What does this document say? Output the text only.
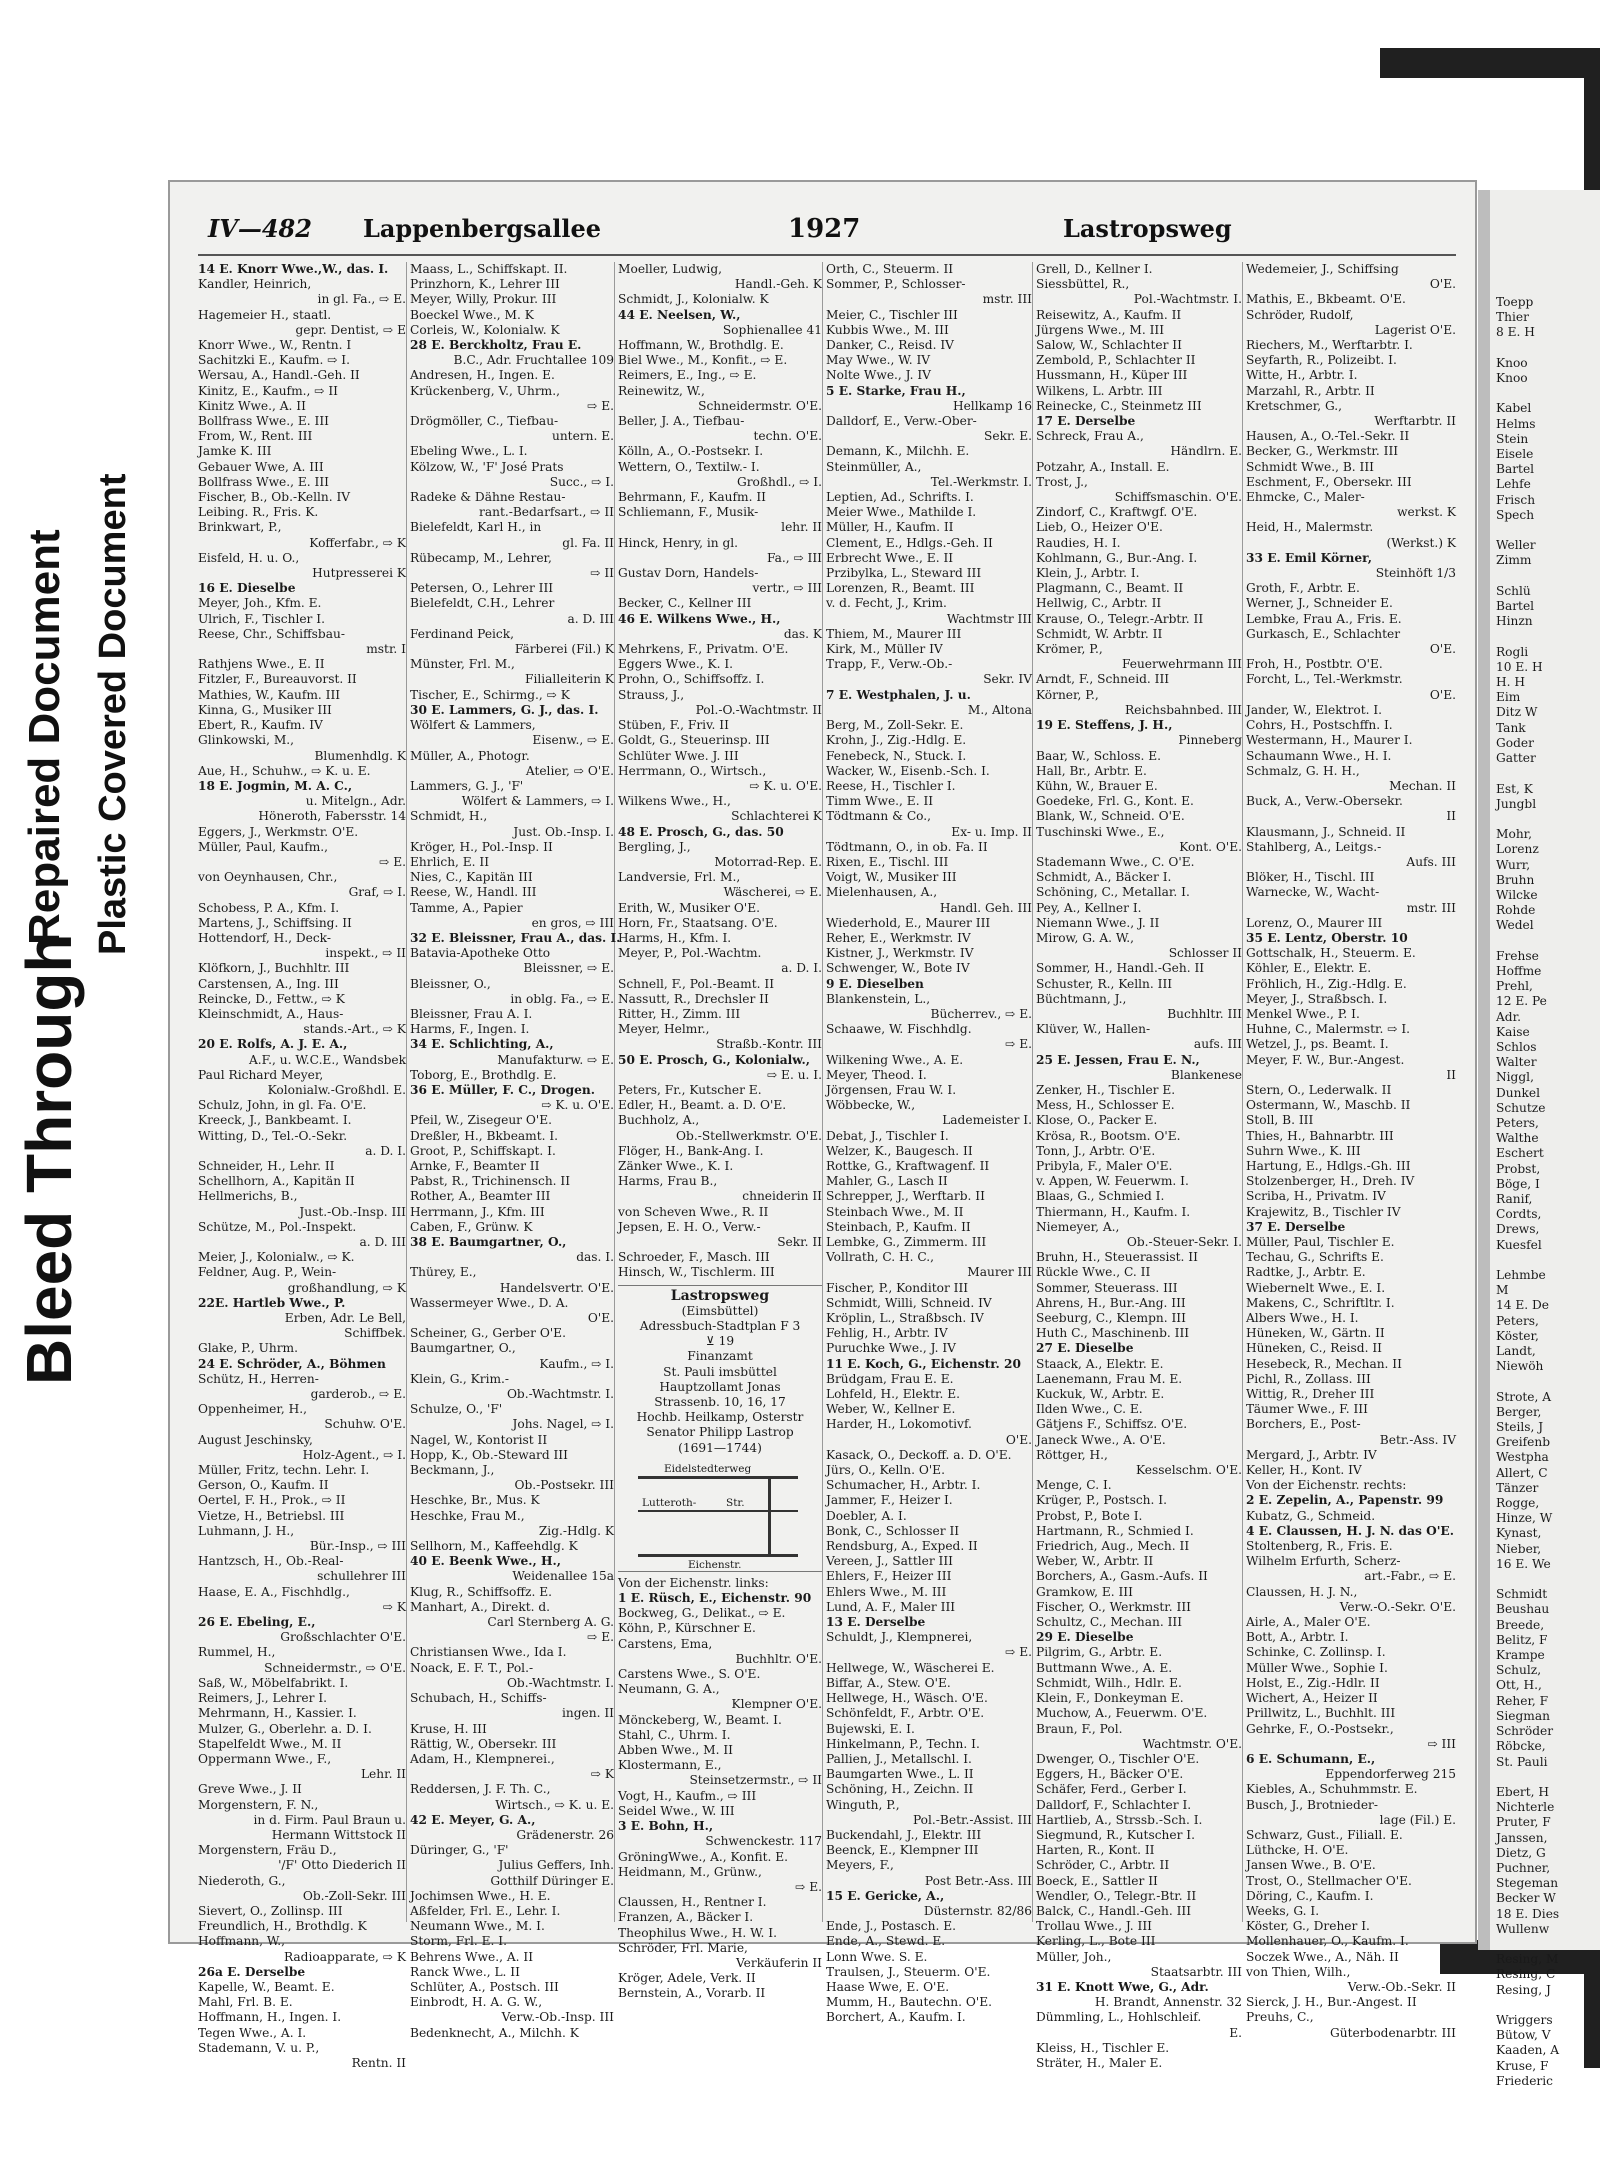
Bleed Through
Repaired Document Plastic Covered Document
IV—482 Lappenbergsallee	1927	Lastropsweg
14 E. Knorr Wwe.,W., das. I.
Kandler, Heinrich,
in gl. Fa., ⇨ E.
Hagemeier H., staatl.
gepr. Dentist, ⇨ E
Knorr Wwe., W., Rentn. I
Sachitzki E., Kaufm. ⇨ I.
Wersau, A., Handl.-Geh. II
Kinitz, E., Kaufm., ⇨ II
Kinitz Wwe., A. II
Bollfrass Wwe., E. III
From, W., Rent. III
Jamke K. III
Gebauer Wwe, A. III
Bollfrass Wwe., E. III
Fischer, B., Ob.-Kelln. IV
Leibing. R., Fris. K.
Brinkwart, P.,
Kofferfabr., ⇨ K
Eisfeld, H. u. O.,
Hutpresserei K
16 E. Dieselbe
Meyer, Joh., Kfm. E.
Ulrich, F., Tischler I.
Reese, Chr., Schiffsbau-
mstr. I
Rathjens Wwe., E. II
Fitzler, F., Bureauvorst. II
Mathies, W., Kaufm. III
Kinna, G., Musiker III
Ebert, R., Kaufm. IV
Glinkowski, M.,
Blumenhdlg. K
Aue, H., Schuhw., ⇨ K. u. E.
18 E. Jogmin, M. A. C.,
u. Mitelgn., Adr.
Höneroth, Fabersstr. 14
Eggers, J., Werkmstr. O'E.
Müller, Paul, Kaufm.,
⇨ E.
von Oeynhausen, Chr.,
Graf, ⇨ I.
Schobess, P. A., Kfm. I.
Martens, J., Schiffsing. II
Hottendorf, H., Deck-
inspekt., ⇨ II
Klöfkorn, J., Buchhltr. III
Carstensen, A., Ing. III
Reincke, D., Fettw., ⇨ K
Kleinschmidt, A., Haus-
stands.-Art., ⇨ K
20 E. Rolfs, A. J. E. A.,
A.F., u. W.C.E., Wandsbek
Paul Richard Meyer,
Kolonialw.-Großhdl. E.
Schulz, John, in gl. Fa. O'E.
Kreeck, J., Bankbeamt. I.
Witting, D., Tel.-O.-Sekr.
a. D. I.
Schneider, H., Lehr. II
Schellhorn, A., Kapitän II
Hellmerichs, B.,
Just.-Ob.-Insp. III
Schütze, M., Pol.-Inspekt.
a. D. III
Meier, J., Kolonialw., ⇨ K.
Feldner, Aug. P., Wein-
großhandlung, ⇨ K
22E. Hartleb Wwe., P.
Erben, Adr. Le Bell,
Schiffbek.
Glake, P., Uhrm.
24 E. Schröder, A., Böhmen
Schütz, H., Herren-
garderob., ⇨ E.
Oppenheimer, H.,
Schuhw. O'E.
August Jeschinsky,
Holz-Agent., ⇨ I.
Müller, Fritz, techn. Lehr. I.
Gerson, O., Kaufm. II
Oertel, F. H., Prok., ⇨ II
Vietze, H., Betriebsl. III
Luhmann, J. H.,
Bür.-Insp., ⇨ III
Hantzsch, H., Ob.-Real-
schullehrer III
Haase, E. A., Fischhdlg.,
⇨ K
26 E. Ebeling, E.,
Großschlachter O'E.
Rummel, H.,
Schneidermstr., ⇨ O'E.
Saß, W., Möbelfabrikt. I.
Reimers, J., Lehrer I.
Mehrmann, H., Kassier. I.
Mulzer, G., Oberlehr. a. D. I.
Stapelfeldt Wwe., M. II
Oppermann Wwe., F.,
Lehr. II
Greve Wwe., J. II
Morgenstern, F. N.,
in d. Firm. Paul Braun u.
Hermann Wittstock II
Morgenstern, Fräu D.,
'/F' Otto Diederich II
Niederoth, G.,
Ob.-Zoll-Sekr. III
Sievert, O., Zollinsp. III
Freundlich, H., Brothdlg. K
Hoffmann, W.,
Radioapparate, ⇨ K
26a E. Derselbe
Kapelle, W., Beamt. E.
Mahl, Frl. B. E.
Hoffmann, H., Ingen. I.
Tegen Wwe., A. I.
Stademann, V. u. P.,
Rentn. II
Maass, L., Schiffskapt. II.
Prinzhorn, K., Lehrer III
Meyer, Willy, Prokur. III
Boeckel Wwe., M. K
Corleis, W., Kolonialw. K
28 E. Berckholtz, Frau E.
B.C., Adr. Fruchtallee 109
Andresen, H., Ingen. E.
Krückenberg, V., Uhrm.,
⇨ E.
Drögmöller, C., Tiefbau-
untern. E.
Ebeling Wwe., L. I.
Kölzow, W., 'F' José Prats
Succ., ⇨ I.
Radeke & Dähne Restau-
rant.-Bedarfsart., ⇨ II
Bielefeldt, Karl H., in
gl. Fa. II
Rübecamp, M., Lehrer,
⇨ II
Petersen, O., Lehrer III
Bielefeldt, C.H., Lehrer
a. D. III
Ferdinand Peick,
Färberei (Fil.) K
Münster, Frl. M.,
Filialleiterin K
Tischer, E., Schirmg., ⇨ K
30 E. Lammers, G. J., das. I.
Wölfert & Lammers,
Eisenw., ⇨ E.
Müller, A., Photogr.
Atelier, ⇨ O'E.
Lammers, G. J., 'F'
Wölfert & Lammers, ⇨ I.
Schmidt, H.,
Just. Ob.-Insp. I.
Kröger, H., Pol.-Insp. II
Ehrlich, E. II
Nies, C., Kapitän III
Reese, W., Handl. III
Tamme, A., Papier
en gros, ⇨ III
32 E. Bleissner, Frau A., das. I.
Batavia-Apotheke Otto
Bleissner, ⇨ E.
Bleissner, O.,
in oblg. Fa., ⇨ E.
Bleissner, Frau A. I.
Harms, F., Ingen. I.
34 E. Schlichting, A.,
Manufakturw. ⇨ E.
Toborg, E., Brothdlg. E.
36 E. Müller, F. C., Drogen.
⇨ K. u. O'E.
Pfeil, W., Zisegeur O'E.
Dreßler, H., Bkbeamt. I.
Groot, P., Schiffskapt. I.
Arnke, F., Beamter II
Pabst, R., Trichinensch. II
Rother, A., Beamter III
Herrmann, J., Kfm. III
Caben, F., Grünw. K
38 E. Baumgartner, O.,
das. I.
Thürey, E.,
Handelsvertr. O'E.
Wassermeyer Wwe., D. A.
O'E.
Scheiner, G., Gerber O'E.
Baumgartner, O.,
Kaufm., ⇨ I.
Klein, G., Krim.-
Ob.-Wachtmstr. I.
Schulze, O., 'F'
Johs. Nagel, ⇨ I.
Nagel, W., Kontorist II
Hopp, K., Ob.-Steward III
Beckmann, J.,
Ob.-Postsekr. III
Heschke, Br., Mus. K
Heschke, Frau M.,
Zig.-Hdlg. K
Sellhorn, M., Kaffeehdlg. K
40 E. Beenk Wwe., H.,
Weidenallee 15a
Klug, R., Schiffsoffz. E.
Manhart, A., Direkt. d.
Carl Sternberg A. G.
⇨ E.
Christiansen Wwe., Ida I.
Noack, E. F. T., Pol.-
Ob.-Wachtmstr. I.
Schubach, H., Schiffs-
ingen. II
Kruse, H. III
Rättig, W., Obersekr. III
Adam, H., Klempnerei.,
⇨ K
Reddersen, J. F. Th. C.,
Wirtsch., ⇨ K. u. E.
42 E. Meyer, G. A.,
Grädenerstr. 26
Düringer, G., 'F'
Julius Geffers, Inh.
Gotthilf Düringer E.
Jochimsen Wwe., H. E.
Aßfelder, Frl. E., Lehr. I.
Neumann Wwe., M. I.
Storm, Frl. E. I.
Behrens Wwe., A. II
Ranck Wwe., L. II
Schlüter, A., Postsch. III
Einbrodt, H. A. G. W.,
Verw.-Ob.-Insp. III
Bedenknecht, A., Milchh. K
Moeller, Ludwig,
Handl.-Geh. K
Schmidt, J., Kolonialw. K
44 E. Neelsen, W.,
Sophienallee 41
Hoffmann, W., Brothdlg. E.
Biel Wwe., M., Konfit., ⇨ E.
Reimers, E., Ing., ⇨ E.
Reinewitz, W.,
Schneidermstr. O'E.
Beller, J. A., Tiefbau-
techn. O'E.
Kölln, A., O.-Postsekr. I.
Wettern, O., Textilw.- I.
Großhdl., ⇨ I.
Behrmann, F., Kaufm. II
Schliemann, F., Musik-
lehr. II
Hinck, Henry, in gl.
Fa., ⇨ III
Gustav Dorn, Handels-
vertr., ⇨ III
Becker, C., Kellner III
46 E. Wilkens Wwe., H.,
das. K
Mehrkens, F., Privatm. O'E.
Eggers Wwe., K. I.
Prohn, O., Schiffsoffz. I.
Strauss, J.,
Pol.-O.-Wachtmstr. II
Stüben, F., Friv. II
Goldt, G., Steuerinsp. III
Schlüter Wwe. J. III
Herrmann, O., Wirtsch.,
⇨ K. u. O'E.
Wilkens Wwe., H.,
Schlachterei K
48 E. Prosch, G., das. 50
Bergling, J.,
Motorrad-Rep. E.
Landversie, Frl. M.,
Wäscherei, ⇨ E.
Erith, W., Musiker O'E.
Horn, Fr., Staatsang. O'E.
Harms, H., Kfm. I.
Meyer, P., Pol.-Wachtm.
a. D. I.
Schnell, F., Pol.-Beamt. II
Nassutt, R., Drechsler II
Ritter, H., Zimm. III
Meyer, Helmr.,
Straßb.-Kontr. III
50 E. Prosch, G., Kolonialw.,
⇨ E. u. I.
Peters, Fr., Kutscher E.
Edler, H., Beamt. a. D. O'E.
Buchholz, A.,
Ob.-Stellwerkmstr. O'E.
Flöger, H., Bank-Ang. I.
Zänker Wwe., K. I.
Harms, Frau B.,
chneiderin II
von Scheven Wwe., R. II
Jepsen, E. H. O., Verw.-
Sekr. II
Schroeder, F., Masch. III
Hinsch, W., Tischlerm. III
Lastropsweg
(Eimsbüttel)
Adressbuch-Stadtplan F 3
⊻ 19
Finanzamt
St. Pauli imsbüttel
Hauptzollamt Jonas
Strassenb. 10, 16, 17
Hochb. Heilkamp, Osterstr
Senator Philipp Lastrop
(1691—1744)
Eidelstedterweg
Lutteroth-	Str.
Eichenstr.
Von der Eichenstr. links:
1 E. Rüsch, E., Eichenstr. 90
Bockweg, G., Delikat., ⇨ E.
Köhn, P., Kürschner E.
Carstens, Ema,
Buchhltr. O'E.
Carstens Wwe., S. O'E.
Neumann, G. A.,
Klempner O'E.
Mönckeberg, W., Beamt. I.
Stahl, C., Uhrm. I.
Abben Wwe., M. II
Klostermann, E.,
Steinsetzermstr., ⇨ II
Vogt, H., Kaufm., ⇨ III
Seidel Wwe., W. III
3 E. Bohn, H.,
Schwenckestr. 117
GröningWwe., A., Konfit. E.
Heidmann, M., Grünw.,
⇨ E.
Claussen, H., Rentner I.
Franzen, A., Bäcker I.
Theophilus Wwe., H. W. I.
Schröder, Frl. Marie,
Verkäuferin II
Kröger, Adele, Verk. II
Bernstein, A., Vorarb. II
Orth, C., Steuerm. II
Sommer, P., Schlosser-
mstr. III
Meier, C., Tischler III
Kubbis Wwe., M. III
Danker, C., Reisd. IV
May Wwe., W. IV
Nolte Wwe., J. IV
5 E. Starke, Frau H.,
Hellkamp 16
Dalldorf, E., Verw.-Ober-
Sekr. E.
Demann, K., Milchh. E.
Steinmüller, A.,
Tel.-Werkmstr. I.
Leptien, Ad., Schrifts. I.
Meier Wwe., Mathilde I.
Müller, H., Kaufm. II
Clement, E., Hdlgs.-Geh. II
Erbrecht Wwe., E. II
Przibylka, L., Steward III
Lorenzen, R., Beamt. III
v. d. Fecht, J., Krim.
Wachtmstr III
Thiem, M., Maurer III
Kirk, M., Müller IV
Trapp, F., Verw.-Ob.-
Sekr. IV
7 E. Westphalen, J. u.
M., Altona
Berg, M., Zoll-Sekr. E.
Krohn, J., Zig.-Hdlg. E.
Fenebeck, N., Stuck. I.
Wacker, W., Eisenb.-Sch. I.
Reese, H., Tischler I.
Timm Wwe., E. II
Tödtmann & Co.,
Ex- u. Imp. II
Tödtmann, O., in ob. Fa. II
Rixen, E., Tischl. III
Voigt, W., Musiker III
Mielenhausen, A.,
Handl. Geh. III
Wiederhold, E., Maurer III
Reher, E., Werkmstr. IV
Kistner, J., Werkmstr. IV
Schwenger, W., Bote IV
9 E. Dieselben
Blankenstein, L.,
Bücherrev., ⇨ E.
Schaawe, W. Fischhdlg.
⇨ E.
Wilkening Wwe., A. E.
Meyer, Theod. I.
Jörgensen, Frau W. I.
Wöbbecke, W.,
Lademeister I.
Debat, J., Tischler I.
Welzer, K., Baugesch. II
Rottke, G., Kraftwagenf. II
Mahler, G., Lasch II
Schrepper, J., Werftarb. II
Steinbach Wwe., M. II
Steinbach, P., Kaufm. II
Lembke, G., Zimmerm. III
Vollrath, C. H. C.,
Maurer III
Fischer, P., Konditor III
Schmidt, Willi, Schneid. IV
Kröplin, L., Straßbsch. IV
Fehlig, H., Arbtr. IV
Puruchke Wwe., J. IV
11 E. Koch, G., Eichenstr. 20
Brüdgam, Frau E. E.
Lohfeld, H., Elektr. E.
Weber, W., Kellner E.
Harder, H., Lokomotivf.
O'E.
Kasack, O., Deckoff. a. D. O'E.
Jürs, O., Kelln. O'E.
Schumacher, H., Arbtr. I.
Jammer, F., Heizer I.
Doebler, A. I.
Bonk, C., Schlosser II
Rendsburg, A., Exped. II
Vereen, J., Sattler III
Ehlers, F., Heizer III
Ehlers Wwe., M. III
Lund, A. F., Maler III
13 E. Derselbe
Schuldt, J., Klempnerei,
⇨ E.
Hellwege, W., Wäscherei E.
Biffar, A., Stew. O'E.
Hellwege, H., Wäsch. O'E.
Schönfeldt, F., Arbtr. O'E.
Bujewski, E. I.
Hinkelmann, P., Techn. I.
Pallien, J., Metallschl. I.
Baumgarten Wwe., L. II
Schöning, H., Zeichn. II
Winguth, P.,
Pol.-Betr.-Assist. III
Buckendahl, J., Elektr. III
Beenck, E., Klempner III
Meyers, F.,
Post Betr.-Ass. III
15 E. Gericke, A.,
Düsternstr. 82/86
Ende, J., Postasch. E.
Ende, A., Stewd. E.
Lonn Wwe. S. E.
Traulsen, J., Steuerm. O'E.
Haase Wwe, E. O'E.
Mumm, H., Bautechn. O'E.
Borchert, A., Kaufm. I.
Grell, D., Kellner I.
Siessbüttel, R.,
Pol.-Wachtmstr. I.
Reisewitz, A., Kaufm. II
Jürgens Wwe., M. III
Salow, W., Schlachter II
Zembold, P., Schlachter II
Hussmann, H., Küper III
Wilkens, L. Arbtr. III
Reinecke, C., Steinmetz III
17 E. Derselbe
Schreck, Frau A.,
Händlrn. E.
Potzahr, A., Install. E.
Trost, J.,
Schiffsmaschin. O'E.
Zindorf, C., Kraftwgf. O'E.
Lieb, O., Heizer O'E.
Raudies, H. I.
Kohlmann, G., Bur.-Ang. I.
Klein, J., Arbtr. I.
Plagmann, C., Beamt. II
Hellwig, C., Arbtr. II
Krause, O., Telegr.-Arbtr. II
Schmidt, W. Arbtr. II
Krömer, P.,
Feuerwehrmann III
Arndt, F., Schneid. III
Körner, P.,
Reichsbahnbed. III
19 E. Steffens, J. H.,
Pinneberg
Baar, W., Schloss. E.
Hall, Br., Arbtr. E.
Kühn, W., Brauer E.
Goedeke, Frl. G., Kont. E.
Blank, W., Schneid. O'E.
Tuschinski Wwe., E.,
Kont. O'E.
Stademann Wwe., C. O'E.
Schmidt, A., Bäcker I.
Schöning, C., Metallar. I.
Pey, A., Kellner I.
Niemann Wwe., J. II
Mirow, G. A. W.,
Schlosser II
Sommer, H., Handl.-Geh. II
Schuster, R., Kelln. III
Büchtmann, J.,
Buchhltr. III
Klüver, W., Hallen-
aufs. III
25 E. Jessen, Frau E. N.,
Blankenese
Zenker, H., Tischler E.
Mess, H., Schlosser E.
Klose, O., Packer E.
Krösa, R., Bootsm. O'E.
Tonn, J., Arbtr. O'E.
Pribyla, F., Maler O'E.
v. Appen, W. Feuerwm. I.
Blaas, G., Schmied I.
Thiermann, H., Kaufm. I.
Niemeyer, A.,
Ob.-Steuer-Sekr. I.
Bruhn, H., Steuerassist. II
Rückle Wwe., C. II
Sommer, Steuerass. III
Ahrens, H., Bur.-Ang. III
Seeburg, C., Klempn. III
Huth C., Maschinenb. III
27 E. Dieselbe
Staack, A., Elektr. E.
Laenemann, Frau M. E.
Kuckuk, W., Arbtr. E.
Ilden Wwe., C. E.
Gätjens F., Schiffsz. O'E.
Janeck Wwe., A. O'E.
Röttger, H.,
Kesselschm. O'E.
Menge, C. I.
Krüger, P., Postsch. I.
Probst, P., Bote I.
Hartmann, R., Schmied I.
Friedrich, Aug., Mech. II
Weber, W., Arbtr. II
Borchers, A., Gasm.-Aufs. II
Gramkow, E. III
Fischer, O., Werkmstr. III
Schultz, C., Mechan. III
29 E. Dieselbe
Pilgrim, G., Arbtr. E.
Buttmann Wwe., A. E.
Schmidt, Wilh., Hdlr. E.
Klein, F., Donkeyman E.
Muchow, A., Feuerwm. O'E.
Braun, F., Pol.
Wachtmstr. O'E.
Dwenger, O., Tischler O'E.
Eggers, H., Bäcker O'E.
Schäfer, Ferd., Gerber I.
Dalldorf, F., Schlachter I.
Hartlieb, A., Strssb.-Sch. I.
Siegmund, R., Kutscher I.
Harten, R., Kont. II
Schröder, C., Arbtr. II
Boeck, E., Sattler II
Wendler, O., Telegr.-Btr. II
Balck, C., Handl.-Geh. III
Trollau Wwe., J. III
Kerling, L., Bote III
Müller, Joh.,
Staatsarbtr. III
31 E. Knott Wwe, G., Adr.
H. Brandt, Annenstr. 32
Dümmling, L., Hohlschleif.
E.
Kleiss, H., Tischler E.
Sträter, H., Maler E.
Wedemeier, J., Schiffsing
O'E.
Mathis, E., Bkbeamt. O'E.
Schröder, Rudolf,
Lagerist O'E.
Riechers, M., Werftarbtr. I.
Seyfarth, R., Polizeibt. I.
Witte, H., Arbtr. I.
Marzahl, R., Arbtr. II
Kretschmer, G.,
Werftarbtr. II
Hausen, A., O.-Tel.-Sekr. II
Becker, G., Werkmstr. III
Schmidt Wwe., B. III
Eschment, F., Obersekr. III
Ehmcke, C., Maler-
werkst. K
Heid, H., Malermstr.
(Werkst.) K
33 E. Emil Körner,
Steinhöft 1/3
Groth, F., Arbtr. E.
Werner, J., Schneider E.
Lembke, Frau A., Fris. E.
Gurkasch, E., Schlachter
O'E.
Froh, H., Postbtr. O'E.
Forcht, L., Tel.-Werkmstr.
O'E.
Jander, W., Elektrot. I.
Cohrs, H., Postschffn. I.
Westermann, H., Maurer I.
Schaumann Wwe., H. I.
Schmalz, G. H. H.,
Mechan. II
Buck, A., Verw.-Obersekr.
II
Klausmann, J., Schneid. II
Stahlberg, A., Leitgs.-
Aufs. III
Blöker, H., Tischl. III
Warnecke, W., Wacht-
mstr. III
Lorenz, O., Maurer III
35 E. Lentz, Oberstr. 10
Gottschalk, H., Steuerm. E.
Köhler, E., Elektr. E.
Fröhlich, H., Zig.-Hdlg. E.
Meyer, J., Straßbsch. I.
Menkel Wwe., P. I.
Huhne, C., Malermstr. ⇨ I.
Wetzel, J., ps. Beamt. I.
Meyer, F. W., Bur.-Angest.
II
Stern, O., Lederwalk. II
Ostermann, W., Maschb. II
Stoll, B. III
Thies, H., Bahnarbtr. III
Suhrn Wwe., K. III
Hartung, E., Hdlgs.-Gh. III
Stolzenberger, H., Dreh. IV
Scriba, H., Privatm. IV
Krajewitz, B., Tischler IV
37 E. Derselbe
Müller, Paul, Tischler E.
Techau, G., Schrifts E.
Radtke, J., Arbtr. E.
Wiebernelt Wwe., E. I.
Makens, C., Schriftltr. I.
Albers Wwe., H. I.
Hüneken, W., Gärtn. II
Hüneken, C., Reisd. II
Hesebeck, R., Mechan. II
Pichl, R., Zollass. III
Wittig, R., Dreher III
Täumer Wwe., F. III
Borchers, E., Post-
Betr.-Ass. IV
Mergard, J., Arbtr. IV
Keller, H., Kont. IV
Von der Eichenstr. rechts:
2 E. Zepelin, A., Papenstr. 99
Kubatz, G., Schmeid.
4 E. Claussen, H. J. N. das O'E.
Stoltenberg, R., Fris. E.
Wilhelm Erfurth, Scherz-
art.-Fabr., ⇨ E.
Claussen, H. J. N.,
Verw.-O.-Sekr. O'E.
Airle, A., Maler O'E.
Bott, A., Arbtr. I.
Schinke, C. Zollinsp. I.
Müller Wwe., Sophie I.
Holst, E., Zig.-Hdlr. II
Wichert, A., Heizer II
Prillwitz, L., Buchhlt. III
Gehrke, F., O.-Postsekr.,
⇨ III
6 E. Schumann, E.,
Eppendorferweg 215
Kiebles, A., Schuhmmstr. E.
Busch, J., Brotnieder-
lage (Fil.) E.
Schwarz, Gust., Filiall. E.
Lüthcke, H. O'E.
Jansen Wwe., B. O'E.
Trost, O., Stellmacher O'E.
Döring, C., Kaufm. I.
Weeks, G. I.
Köster, G., Dreher I.
Mollenhauer, O., Kaufm. I.
Soczek Wwe., A., Näh. II
von Thien, Wilh.,
Verw.-Ob.-Sekr. II
Sierck, J. H., Bur.-Angest. II
Preuhs, C.,
Güterbodenarbtr. III
Toepp
Thier
8 E. H

Knoo
Knoo

Kabel
Helms
Stein
Eisele
Bartel
Lehfe
Frisch
Spech

Weller
Zimm

Schlü
Bartel
Hinzn

Rogli
10 E. H
H. H
Eim
Ditz W
Tank
Goder
Gatter

Est, K
Jungbl

Mohr,
Lorenz
Wurr,
Bruhn
Wilcke
Rohde
Wedel

Frehse
Hoffme
Prehl,
12 E. Pe
Adr.
Kaise
Schlos
Walter
Niggl,
Dunkel
Schutze
Peters,
Walthe
Eschert
Probst,
Böge, I
Ranif,
Cordts,
Drews,
Kuesfel

Lehmbe
M
14 E. De
Peters,
Köster,
Landt,
Niewöh

Strote, A
Berger,
Steils, J
Greifenb
Westpha
Allert, C
Tänzer
Rogge,
Hinze, W
Kynast,
Nieber,
16 E. We

Schmidt
Beushau
Breede,
Belitz, F
Krampe
Schulz,
Ott, H.,
Reher, F
Siegman
Schröder
Röbcke,
St. Pauli

Ebert, H
Nichterle
Pruter, F
Janssen,
Dietz, G
Puchner,
Stegeman
Becker W
18 E. Dies
Wullenw

Resing, M
Resing, C
Resing, J

Wriggers
Bütow, V
Kaaden, A
Kruse, F
Friederic
